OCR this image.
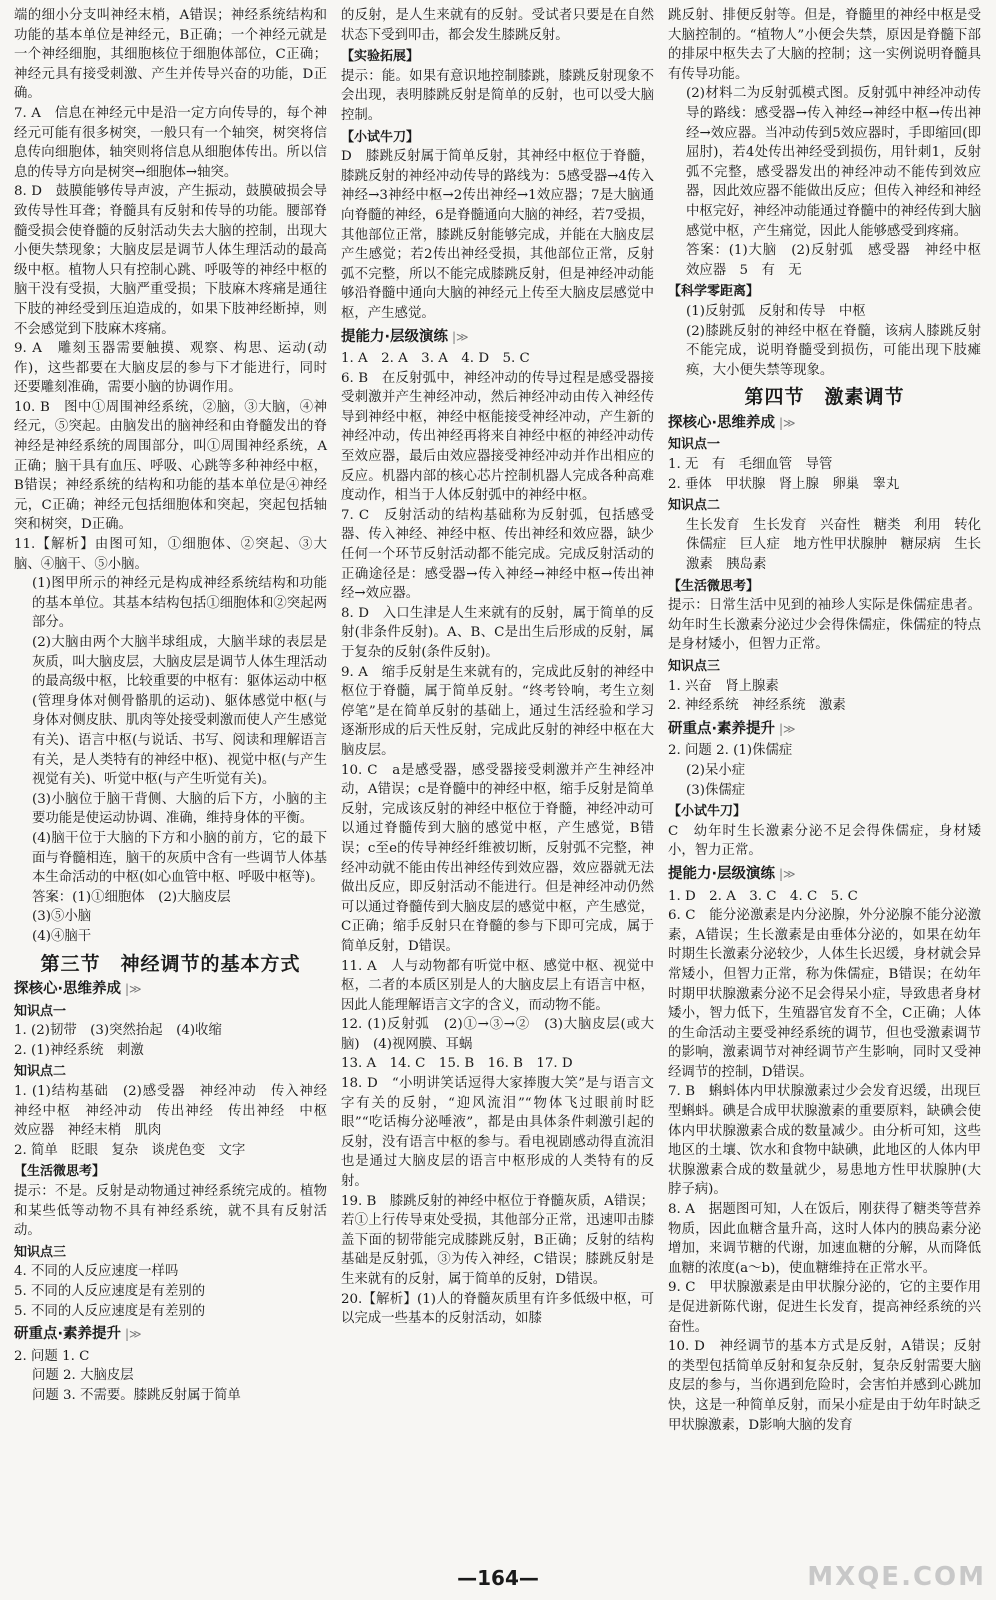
端的细小分支叫神经末梢，A错误；神经系统结构和功能的基本单位是神经元，B正确；一个神经元就是一个神经细胞，其细胞核位于细胞体部位，C正确；神经元具有接受刺激、产生并传导兴奋的功能，D正确。

7. A　信息在神经元中是沿一定方向传导的，每个神经元可能有很多树突，一般只有一个轴突，树突将信息传向细胞体，轴突则将信息从细胞体传出。所以信息的传导方向是树突→细胞体→轴突。

8. D　鼓膜能够传导声波，产生振动，鼓膜破损会导致传导性耳聋；脊髓具有反射和传导的功能。腰部脊髓受损会使脊髓的反射活动失去大脑的控制，出现大小便失禁现象；大脑皮层是调节人体生理活动的最高级中枢。植物人只有控制心跳、呼吸等的神经中枢的脑干没有受损，大脑严重受损；下肢麻木疼痛是通往下肢的神经受到压迫造成的，如果下肢神经断掉，则不会感觉到下肢麻木疼痛。

9. A　雕刻玉器需要触摸、观察、构思、运动(动作)，这些都要在大脑皮层的参与下才能进行，同时还要雕刻准确，需要小脑的协调作用。

10. B　图中①周围神经系统，②脑，③大脑，④神经元，⑤突起。由脑发出的脑神经和由脊髓发出的脊神经是神经系统的周围部分，叫①周围神经系统，A正确；脑干具有血压、呼吸、心跳等多种神经中枢，B错误；神经系统的结构和功能的基本单位是④神经元，C正确；神经元包括细胞体和突起，突起包括轴突和树突，D正确。

11.【解析】由图可知，①细胞体、②突起、③大脑、④脑干、⑤小脑。

(1)图甲所示的神经元是构成神经系统结构和功能的基本单位。其基本结构包括①细胞体和②突起两部分。

(2)大脑由两个大脑半球组成，大脑半球的表层是灰质，叫大脑皮层，大脑皮层是调节人体生理活动的最高级中枢，比较重要的中枢有：躯体运动中枢(管理身体对侧骨骼肌的运动)、躯体感觉中枢(与身体对侧皮肤、肌肉等处接受刺激而使人产生感觉有关)、语言中枢(与说话、书写、阅读和理解语言有关，是人类特有的神经中枢)、视觉中枢(与产生视觉有关)、听觉中枢(与产生听觉有关)。

(3)小脑位于脑干背侧、大脑的后下方，小脑的主要功能是使运动协调、准确，维持身体的平衡。

(4)脑干位于大脑的下方和小脑的前方，它的最下面与脊髓相连，脑干的灰质中含有一些调节人体基本生命活动的中枢(如心血管中枢、呼吸中枢等)。

答案：(1)①细胞体　(2)大脑皮层

(3)⑤小脑

(4)④脑干

第三节　神经调节的基本方式
探核心·思维养成 |≫
知识点一

1. (2)韧带　(3)突然抬起　(4)收缩

2. (1)神经系统　刺激

知识点二

1. (1)结构基础　(2)感受器　神经冲动　传入神经　神经中枢　神经冲动　传出神经　传出神经　中枢　效应器　神经末梢　肌肉

2. 简单　眨眼　复杂　谈虎色变　文字

【生活微思考】

提示：不是。反射是动物通过神经系统完成的。植物和某些低等动物不具有神经系统，就不具有反射活动。

知识点三

4. 不同的人反应速度一样吗

5. 不同的人反应速度是有差别的

5. 不同的人反应速度是有差别的

研重点·素养提升 |≫

2. 问题 1. C

问题 2. 大脑皮层

问题 3. 不需要。膝跳反射属于简单

的反射，是人生来就有的反射。受试者只要是在自然状态下受到叩击，都会发生膝跳反射。

【实验拓展】

提示：能。如果有意识地控制膝跳，膝跳反射现象不会出现，表明膝跳反射是简单的反射，也可以受大脑控制。

【小试牛刀】

D　膝跳反射属于简单反射，其神经中枢位于脊髓，膝跳反射的神经冲动传导的路线为：5感受器→4传入神经→3神经中枢→2传出神经→1效应器；7是大脑通向脊髓的神经，6是脊髓通向大脑的神经，若7受损，其他部位正常，膝跳反射能够完成，并能在大脑皮层产生感觉；若2传出神经受损，其他部位正常，反射弧不完整，所以不能完成膝跳反射，但是神经冲动能够沿脊髓中通向大脑的神经元上传至大脑皮层感觉中枢，产生感觉。

提能力·层级演练 |≫

1. A　2. A　3. A　4. D　5. C

6. B　在反射弧中，神经冲动的传导过程是感受器接受刺激并产生神经冲动，然后神经冲动由传入神经传导到神经中枢，神经中枢能接受神经冲动，产生新的神经冲动，传出神经再将来自神经中枢的神经冲动传至效应器，最后由效应器接受神经冲动并作出相应的反应。机器内部的核心芯片控制机器人完成各种高难度动作，相当于人体反射弧中的神经中枢。

7. C　反射活动的结构基础称为反射弧，包括感受器、传入神经、神经中枢、传出神经和效应器，缺少任何一个环节反射活动都不能完成。完成反射活动的正确途径是：感受器→传入神经→神经中枢→传出神经→效应器。

8. D　入口生津是人生来就有的反射，属于简单的反射(非条件反射)。A、B、C是出生后形成的反射，属于复杂的反射(条件反射)。

9. A　缩手反射是生来就有的，完成此反射的神经中枢位于脊髓，属于简单反射。“终考铃响，考生立刻停笔”是在简单反射的基础上，通过生活经验和学习逐渐形成的后天性反射，完成此反射的神经中枢在大脑皮层。

10. C　a是感受器，感受器接受刺激并产生神经冲动，A错误；c是脊髓中的神经中枢，缩手反射是简单反射，完成该反射的神经中枢位于脊髓，神经冲动可以通过脊髓传到大脑的感觉中枢，产生感觉，B错误；c至e的传导神经纤维被切断，反射弧不完整，神经冲动就不能由传出神经传到效应器，效应器就无法做出反应，即反射活动不能进行。但是神经冲动仍然可以通过脊髓传到大脑皮层的感觉中枢，产生感觉，C正确；缩手反射只在脊髓的参与下即可完成，属于简单反射，D错误。

11. A　人与动物都有听觉中枢、感觉中枢、视觉中枢，二者的本质区别是人的大脑皮层上有语言中枢，因此人能理解语言文字的含义，而动物不能。

12. (1)反射弧　(2)①→③→②　(3)大脑皮层(或大脑)　(4)视网膜、耳蜗

13. A　14. C　15. B　16. B　17. D

18. D　“小明讲笑话逗得大家捧腹大笑”是与语言文字有关的反射，“迎风流泪”“物体飞过眼前时眨眼”“吃话梅分泌唾液”，都是由具体条件刺激引起的反射，没有语言中枢的参与。看电视剧感动得直流泪也是通过大脑皮层的语言中枢形成的人类特有的反射。

19. B　膝跳反射的神经中枢位于脊髓灰质，A错误；若①上行传导束处受损，其他部分正常，迅速叩击膝盖下面的韧带能完成膝跳反射，B正确；反射的结构基础是反射弧，③为传入神经，C错误；膝跳反射是生来就有的反射，属于简单的反射，D错误。

20.【解析】(1)人的脊髓灰质里有许多低级中枢，可以完成一些基本的反射活动，如膝

跳反射、排便反射等。但是，脊髓里的神经中枢是受大脑控制的。“植物人”小便会失禁，原因是脊髓下部的排尿中枢失去了大脑的控制；这一实例说明脊髓具有传导功能。

(2)材料二为反射弧模式图。反射弧中神经冲动传导的路线：感受器→传入神经→神经中枢→传出神经→效应器。当冲动传到5效应器时，手即缩回(即屈肘)，若4处传出神经受到损伤，用针刺1，反射弧不完整，感受器发出的神经冲动不能传到效应器，因此效应器不能做出反应；但传入神经和神经中枢完好，神经冲动能通过脊髓中的神经传到大脑感觉中枢，产生痛觉，因此人能够感受到疼痛。

答案：(1)大脑　(2)反射弧　感受器　神经中枢　效应器　5　有　无

【科学零距离】

(1)反射弧　反射和传导　中枢

(2)膝跳反射的神经中枢在脊髓，该病人膝跳反射不能完成，说明脊髓受到损伤，可能出现下肢瘫痪，大小便失禁等现象。

第四节　激素调节
探核心·思维养成 |≫
知识点一

1. 无　有　毛细血管　导管

2. 垂体　甲状腺　肾上腺　卵巢　睾丸

知识点二

生长发育　生长发育　兴奋性　糖类　利用　转化　侏儒症　巨人症　地方性甲状腺肿　糖尿病　生长激素　胰岛素

【生活微思考】

提示：日常生活中见到的袖珍人实际是侏儒症患者。幼年时生长激素分泌过少会得侏儒症，侏儒症的特点是身材矮小，但智力正常。

知识点三

1. 兴奋　肾上腺素

2. 神经系统　神经系统　激素

研重点·素养提升 |≫

2. 问题 2. (1)侏儒症

(2)呆小症

(3)侏儒症

【小试牛刀】

C　幼年时生长激素分泌不足会得侏儒症，身材矮小，智力正常。

提能力·层级演练 |≫

1. D　2. A　3. C　4. C　5. C

6. C　能分泌激素是内分泌腺，外分泌腺不能分泌激素，A错误；生长激素是由垂体分泌的，如果在幼年时期生长激素分泌较少，人体生长迟缓，身材就会异常矮小，但智力正常，称为侏儒症，B错误；在幼年时期甲状腺激素分泌不足会得呆小症，导致患者身材矮小，智力低下，生殖器官发育不全，C正确；人体的生命活动主要受神经系统的调节，但也受激素调节的影响，激素调节对神经调节产生影响，同时又受神经调节的控制，D错误。

7. B　蝌蚪体内甲状腺激素过少会发育迟缓，出现巨型蝌蚪。碘是合成甲状腺激素的重要原料，缺碘会使体内甲状腺激素合成的数量减少。由分析可知，这些地区的土壤、饮水和食物中缺碘，此地区的人体内甲状腺激素合成的数量就少，易患地方性甲状腺肿(大脖子病)。

8. A　据题图可知，人在饭后，刚获得了糖类等营养物质，因此血糖含量升高，这时人体内的胰岛素分泌增加，来调节糖的代谢，加速血糖的分解，从而降低血糖的浓度(a～b)，使血糖维持在正常水平。

9. C　甲状腺激素是由甲状腺分泌的，它的主要作用是促进新陈代谢，促进生长发育，提高神经系统的兴奋性。

10. D　神经调节的基本方式是反射，A错误；反射的类型包括简单反射和复杂反射，复杂反射需要大脑皮层的参与，当你遇到危险时，会害怕并感到心跳加快，这是一种简单反射，而呆小症是由于幼年时缺乏甲状腺激素，D影响大脑的发育

—164—	MXQE.COM
